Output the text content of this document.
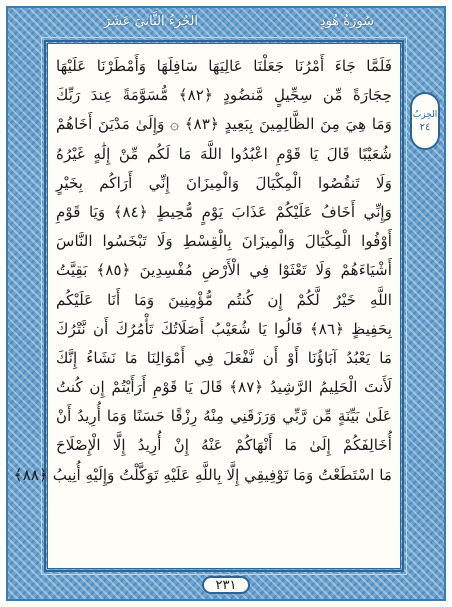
الجُزءُ الثَّانيَ عَشَرَ	سُورَةُ هُودٍ
فَلَمَّا جَاءَ أَمْرُنَا جَعَلْنَا عَالِيَهَا سَافِلَهَا وَأَمْطَرْنَا عَلَيْهَا
حِجَارَةً مِّن سِجِّيلٍ مَّنضُودٍ ﴿٨٢﴾ مُّسَوَّمَةً عِندَ رَبِّكَ
وَمَا هِيَ مِنَ الظَّالِمِينَ بِبَعِيدٍ ﴿٨٣﴾ ۞ وَإِلَىٰ مَدْيَنَ أَخَاهُمْ
شُعَيْبًا قَالَ يَا قَوْمِ اعْبُدُوا اللَّهَ مَا لَكُم مِّنْ إِلَٰهٍ غَيْرُهُ
وَلَا تَنقُصُوا الْمِكْيَالَ وَالْمِيزَانَ إِنِّي أَرَاكُم بِخَيْرٍ
وَإِنِّي أَخَافُ عَلَيْكُمْ عَذَابَ يَوْمٍ مُّحِيطٍ ﴿٨٤﴾ وَيَا قَوْمِ
أَوْفُوا الْمِكْيَالَ وَالْمِيزَانَ بِالْقِسْطِ وَلَا تَبْخَسُوا النَّاسَ
أَشْيَاءَهُمْ وَلَا تَعْثَوْا فِي الْأَرْضِ مُفْسِدِينَ ﴿٨٥﴾ بَقِيَّتُ
اللَّهِ خَيْرٌ لَّكُمْ إِن كُنتُم مُّؤْمِنِينَ وَمَا أَنَا عَلَيْكُم
بِحَفِيظٍ ﴿٨٦﴾ قَالُوا يَا شُعَيْبُ أَصَلَاتُكَ تَأْمُرُكَ أَن نَّتْرُكَ
مَا يَعْبُدُ آبَاؤُنَا أَوْ أَن نَّفْعَلَ فِي أَمْوَالِنَا مَا نَشَاءُ إِنَّكَ
لَأَنتَ الْحَلِيمُ الرَّشِيدُ ﴿٨٧﴾ قَالَ يَا قَوْمِ أَرَأَيْتُمْ إِن كُنتُ
عَلَىٰ بَيِّنَةٍ مِّن رَّبِّي وَرَزَقَنِي مِنْهُ رِزْقًا حَسَنًا وَمَا أُرِيدُ أَنْ
أُخَالِفَكُمْ إِلَىٰ مَا أَنْهَاكُمْ عَنْهُ إِنْ أُرِيدُ إِلَّا الْإِصْلَاحَ
مَا اسْتَطَعْتُ وَمَا تَوْفِيقِي إِلَّا بِاللَّهِ عَلَيْهِ تَوَكَّلْتُ وَإِلَيْهِ أُنِيبُ ﴿٨٨﴾
الحِزبُ
٢٤
٢٣١
